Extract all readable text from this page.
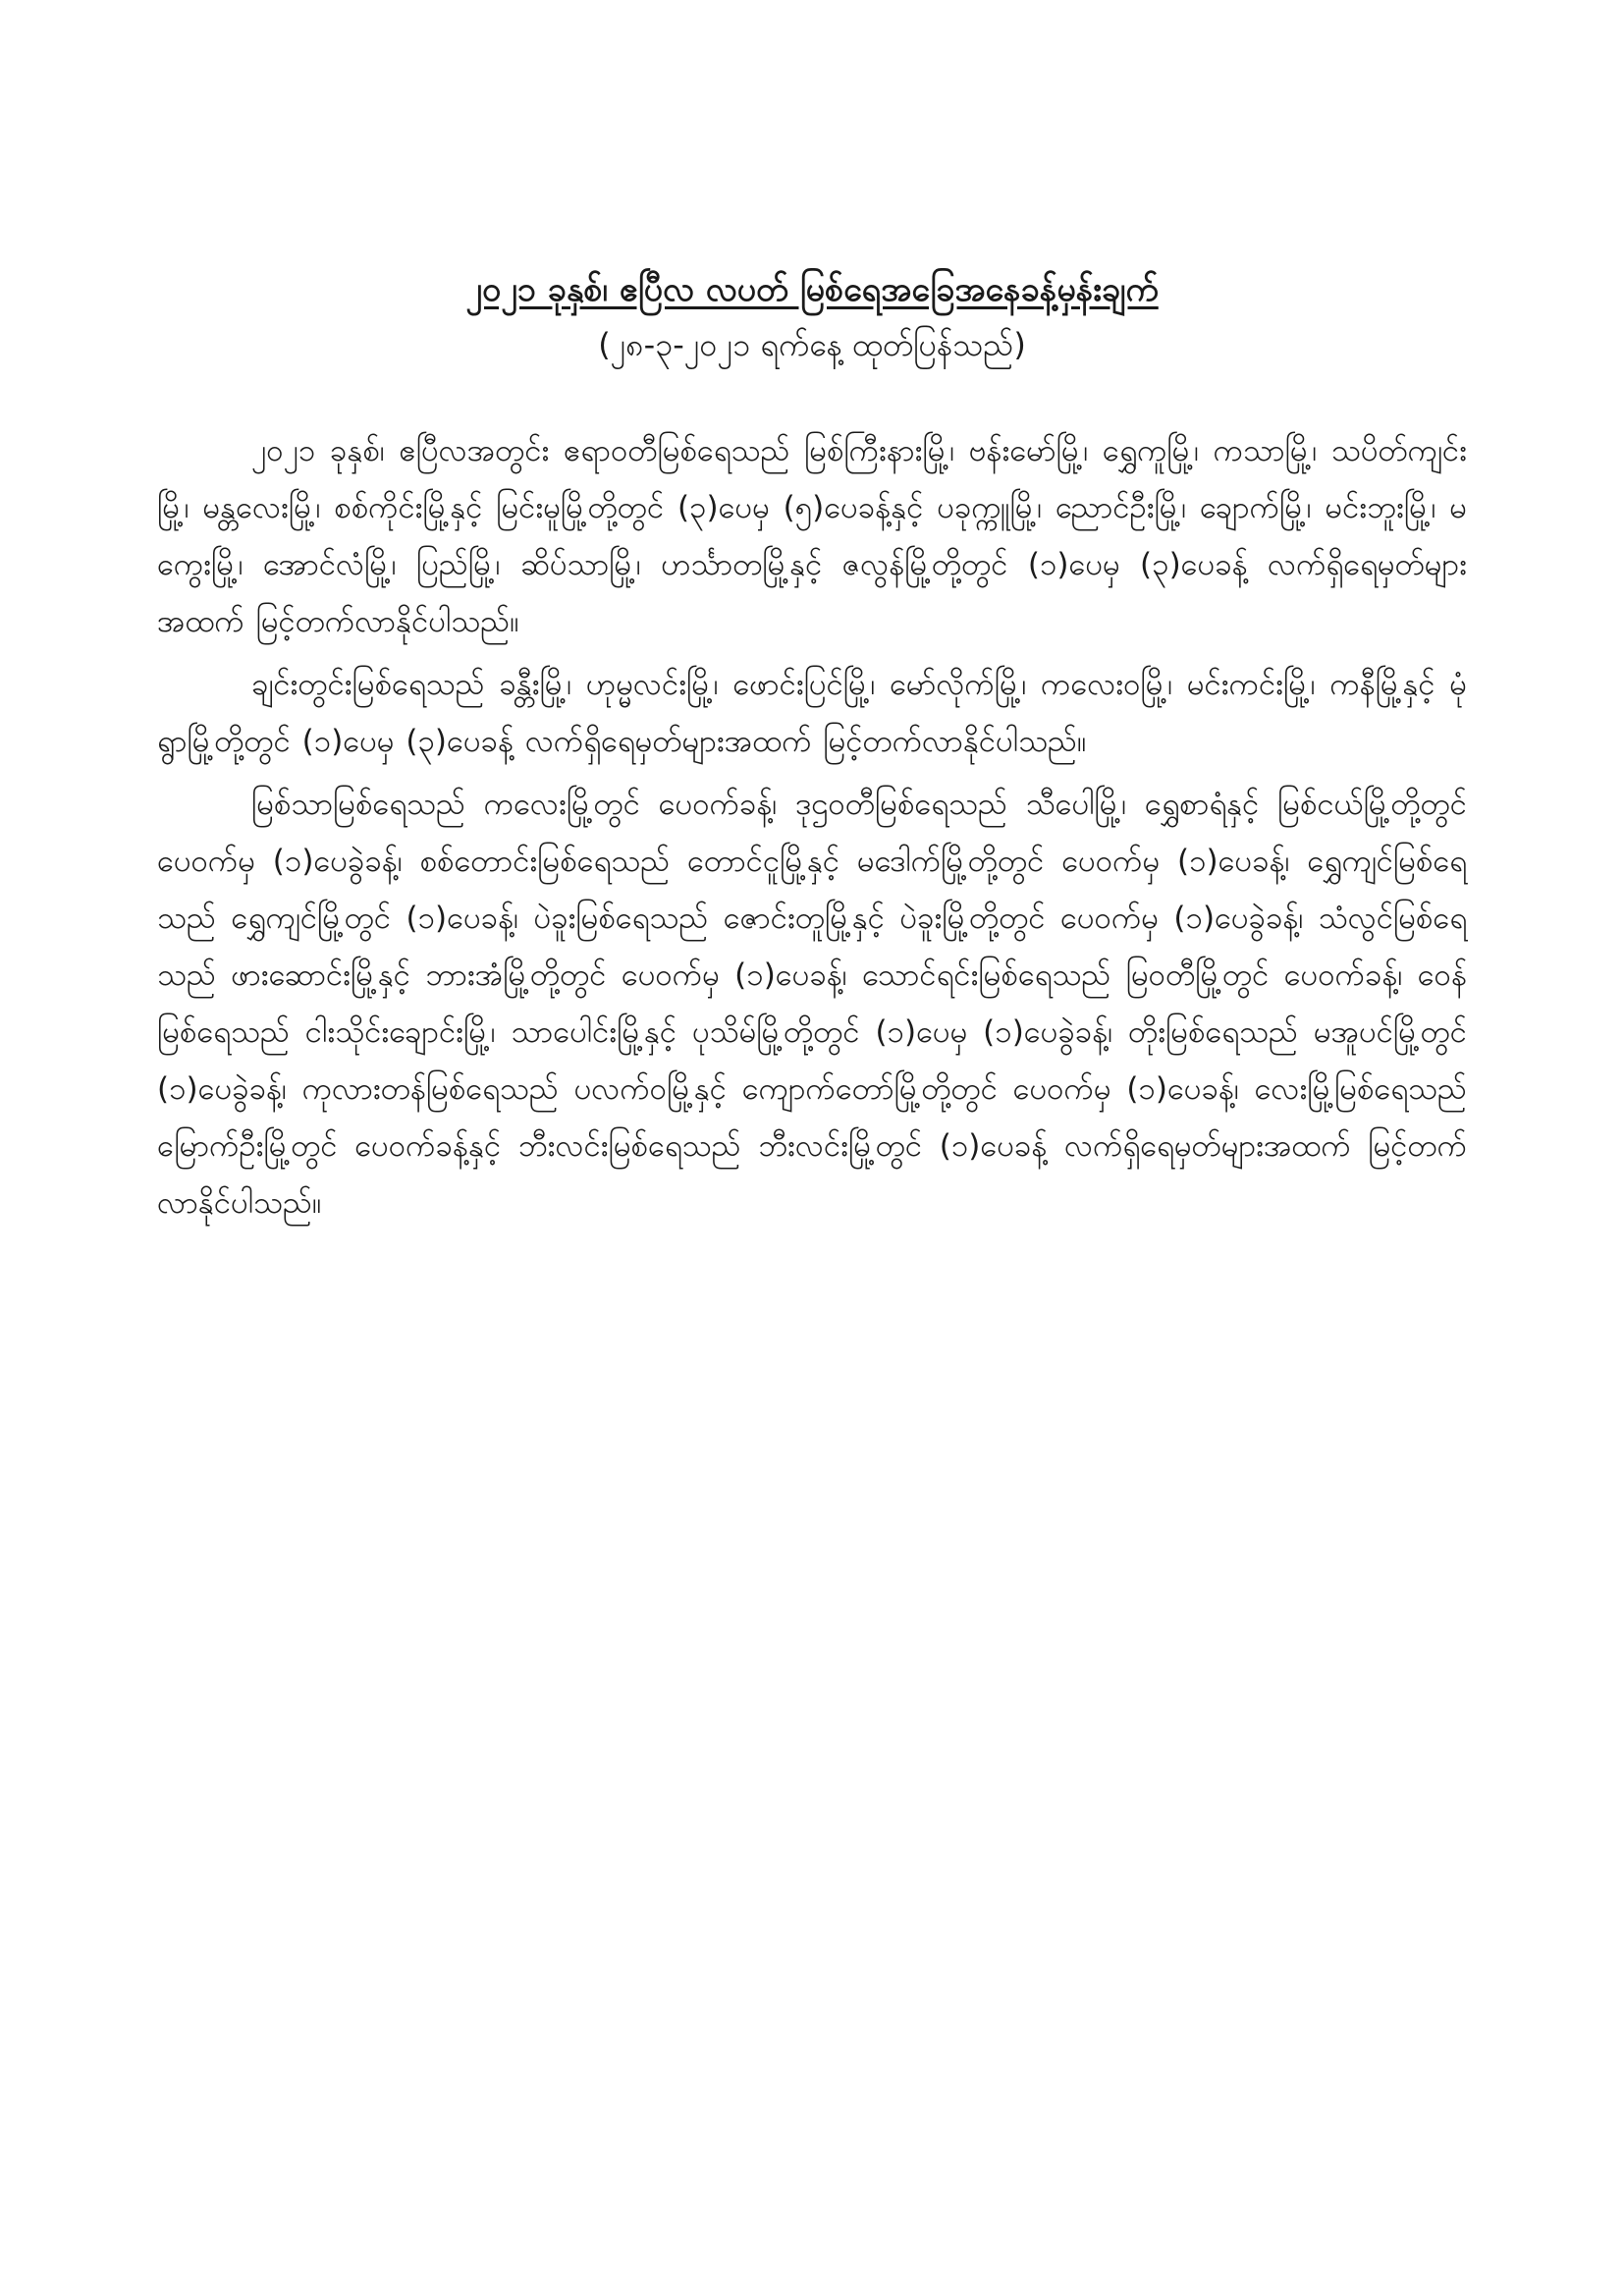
၂၀၂၁ ခုနှစ်၊ ဧပြီလ လပတ် မြစ်ရေအခြေအနေခန့်မှန်းချက်

(၂၈-၃-၂၀၂၁ ရက်နေ့ ထုတ်ပြန်သည်)

၂၀၂၁ ခုနှစ်၊ ဧပြီလအတွင်း ဧရာဝတီမြစ်ရေသည် မြစ်ကြီးနားမြို့၊ ဗန်းမော်မြို့၊ ရွှေကူမြို့၊ ကသာမြို့၊ သပိတ်ကျင်းမြို့၊ မန္တလေးမြို့၊ စစ်ကိုင်းမြို့နှင့် မြင်းမူမြို့တို့တွင် (၃)ပေမှ (၅)ပေခန့်နှင့် ပခုက္ကူမြို့၊ ညောင်ဦးမြို့၊ ချောက်မြို့၊ မင်းဘူးမြို့၊ မကွေးမြို့၊ အောင်လံမြို့၊ ပြည်မြို့၊ ဆိပ်သာမြို့၊ ဟင်္သာတမြို့နှင့် ဇလွန်မြို့တို့တွင် (၁)ပေမှ (၃)ပေခန့် လက်ရှိရေမှတ်များအထက် မြင့်တက်လာနိုင်ပါသည်။

ချင်းတွင်းမြစ်ရေသည် ခန္တီးမြို့၊ ဟုမ္မလင်းမြို့၊ ဖောင်းပြင်မြို့၊ မော်လိုက်မြို့၊ ကလေးဝမြို့၊ မင်းကင်းမြို့၊ ကနီမြို့နှင့် မုံရွာမြို့တို့တွင် (၁)ပေမှ (၃)ပေခန့် လက်ရှိရေမှတ်များအထက် မြင့်တက်လာနိုင်ပါသည်။

မြစ်သာမြစ်ရေသည် ကလေးမြို့တွင် ပေဝက်ခန့်၊ ဒုဌဝတီမြစ်ရေသည် သီပေါမြို့၊ ရွှေစာရံနှင့် မြစ်ငယ်မြို့တို့တွင် ပေဝက်မှ (၁)ပေခွဲခန့်၊ စစ်တောင်းမြစ်ရေသည် တောင်ငူမြို့နှင့် မဒေါက်မြို့တို့တွင် ပေဝက်မှ (၁)ပေခန့်၊ ရွှေကျင်မြစ်ရေသည် ရွှေကျင်မြို့တွင် (၁)ပေခန့်၊ ပဲခူးမြစ်ရေသည် ဇောင်းတူမြို့နှင့် ပဲခူးမြို့တို့တွင် ပေဝက်မှ (၁)ပေခွဲခန့်၊ သံလွင်မြစ်ရေသည် ဖားဆောင်းမြို့နှင့် ဘားအံမြို့တို့တွင် ပေဝက်မှ (၁)ပေခန့်၊ သောင်ရင်းမြစ်ရေသည် မြဝတီမြို့တွင် ပေဝက်ခန့်၊ ဝေန်မြစ်ရေသည် ငါးသိုင်းချောင်းမြို့၊ သာပေါင်းမြို့နှင့် ပုသိမ်မြို့တို့တွင် (၁)ပေမှ (၁)ပေခွဲခန့်၊ တိုးမြစ်ရေသည် မအူပင်မြို့တွင် (၁)ပေခွဲခန့်၊ ကုလားတန်မြစ်ရေသည် ပလက်ဝမြို့နှင့် ကျောက်တော်မြို့တို့တွင် ပေဝက်မှ (၁)ပေခန့်၊ လေးမြို့မြစ်ရေသည် မြောက်ဦးမြို့တွင် ပေဝက်ခန့်နှင့် ဘီးလင်းမြစ်ရေသည် ဘီးလင်းမြို့တွင် (၁)ပေခန့် လက်ရှိရေမှတ်များအထက် မြင့်တက်လာနိုင်ပါသည်။
